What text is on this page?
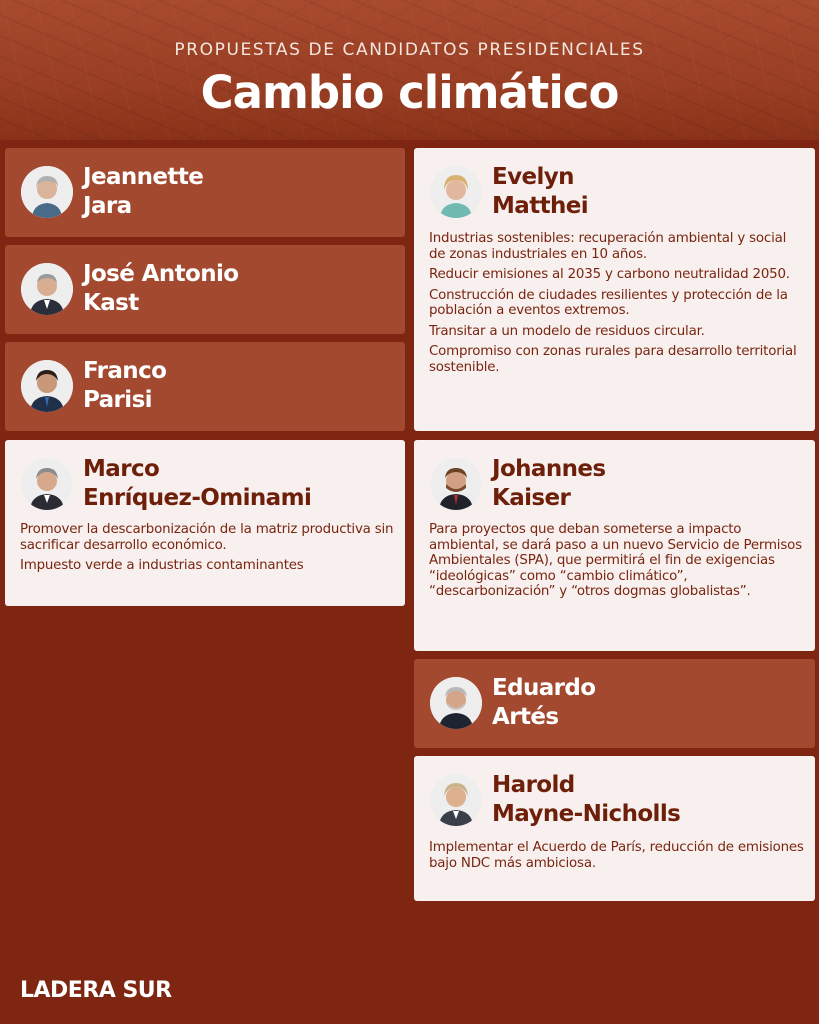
PROPUESTAS DE CANDIDATOS PRESIDENCIALES
Cambio climático
Jeannette
Jara
José Antonio
Kast
Franco
Parisi
Marco
Enríquez-Ominami

Promover la descarbonización de la matriz productiva sin sacrificar desarrollo económico.

Impuesto verde a industrias contaminantes

Evelyn
Matthei

Industrias sostenibles: recuperación ambiental y social de zonas industriales en 10 años.

Reducir emisiones al 2035 y carbono neutralidad 2050.

Construcción de ciudades resilientes y protección de la población a eventos extremos.

Transitar a un modelo de residuos circular.

Compromiso con zonas rurales para desarrollo territorial sostenible.

Johannes
Kaiser

Para proyectos que deban someterse a impacto ambiental, se dará paso a un nuevo Servicio de Permisos Ambientales (SPA), que permitirá el fin de exigencias “ideológicas” como “cambio climático”, “descarbonización” y “otros dogmas globalistas”.

Eduardo
Artés
Harold
Mayne-Nicholls

Implementar el Acuerdo de París, reducción de emisiones bajo NDC más ambiciosa.

LADERA SUR
